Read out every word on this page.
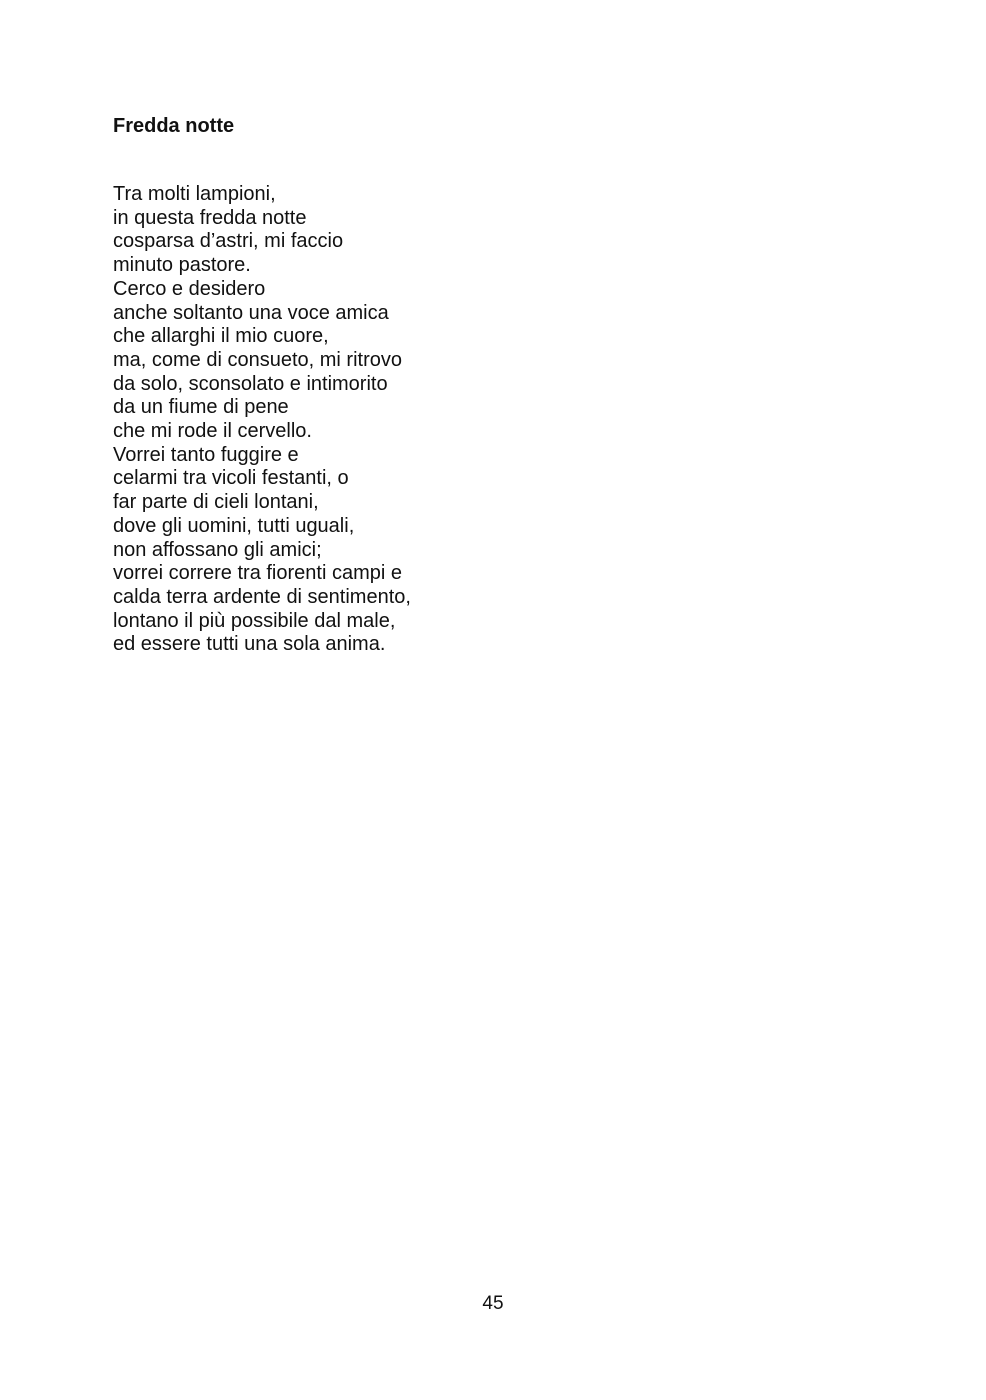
Fredda notte
Tra molti lampioni,
in questa fredda notte
cosparsa d’astri, mi faccio
minuto pastore.
Cerco e desidero
anche soltanto una voce amica
che allarghi il mio cuore,
ma, come di consueto, mi ritrovo
da solo, sconsolato e intimorito
da un fiume di pene
che mi rode il cervello.
Vorrei tanto fuggire e
celarmi tra vicoli festanti, o
far parte di cieli lontani,
dove gli uomini, tutti uguali,
non affossano gli amici;
vorrei correre tra fiorenti campi e
calda terra ardente di sentimento,
lontano il più possibile dal male,
ed essere tutti una sola anima.
45
